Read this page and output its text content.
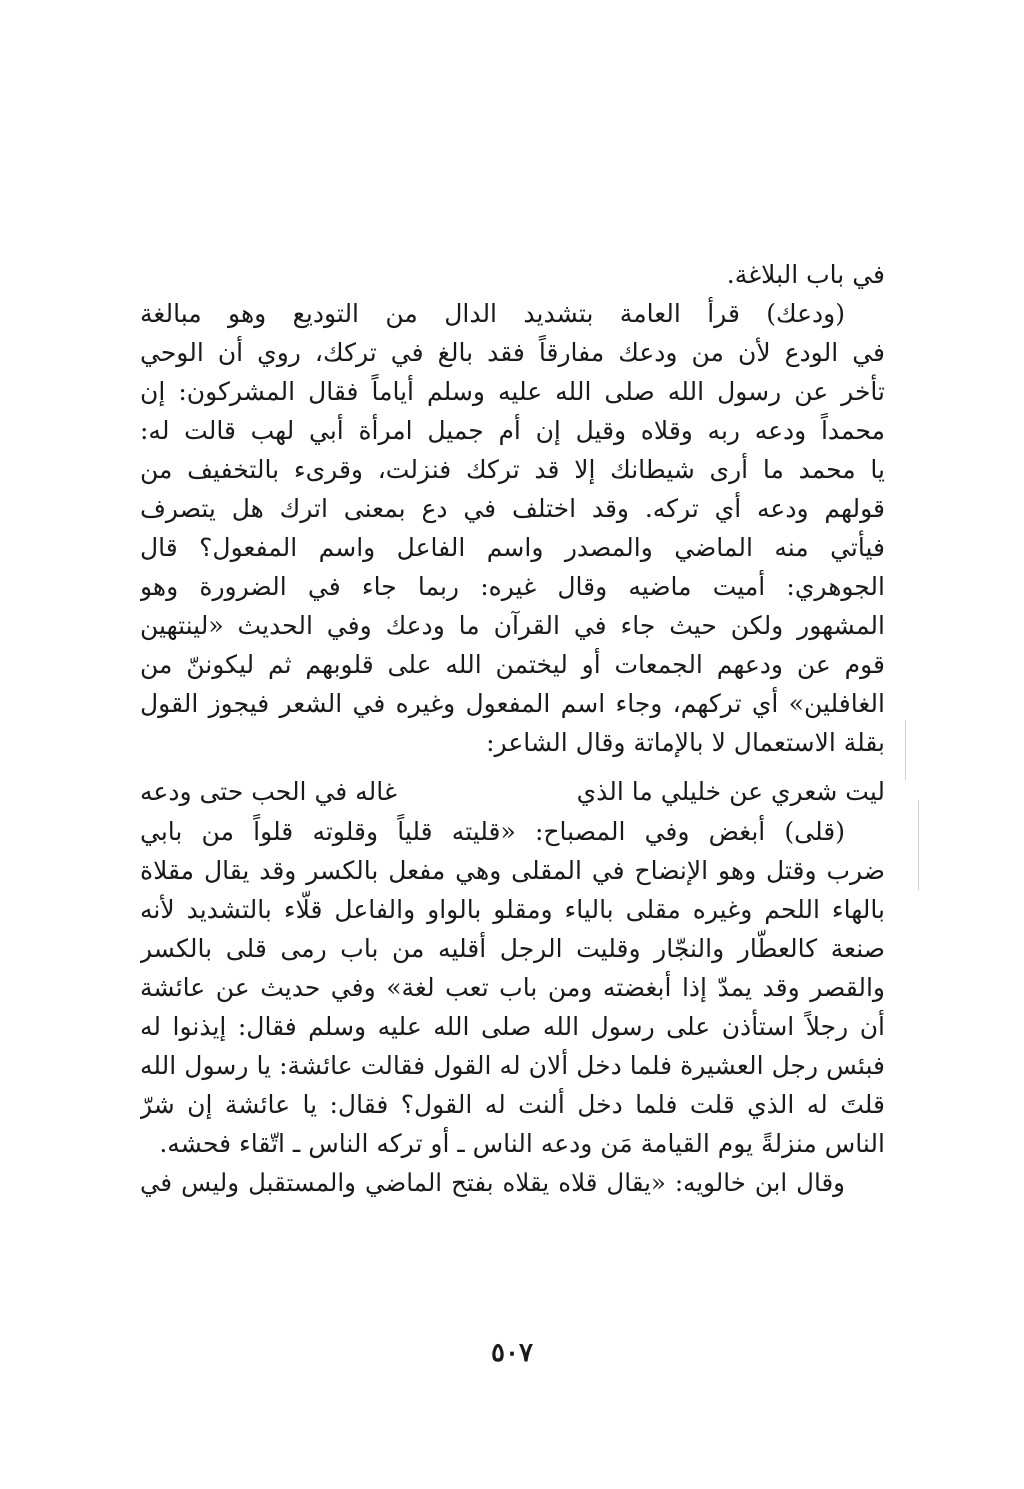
في باب البلاغة.
(ودعك) قرأ العامة بتشديد الدال من التوديع وهو مبالغة
في الودع لأن من ودعك مفارقاً فقد بالغ في تركك، روي أن الوحي
تأخر عن رسول الله صلى الله عليه وسلم أياماً فقال المشركون: إن
محمداً ودعه ربه وقلاه وقيل إن أم جميل امرأة أبي لهب قالت له:
يا محمد ما أرى شيطانك إلا قد تركك فنزلت، وقرىء بالتخفيف من
قولهم ودعه أي تركه. وقد اختلف في دع بمعنى اترك هل يتصرف
فيأتي منه الماضي والمصدر واسم الفاعل واسم المفعول؟ قال
الجوهري: أميت ماضيه وقال غيره: ربما جاء في الضرورة وهو
المشهور ولكن حيث جاء في القرآن ما ودعك وفي الحديث «لينتهين
قوم عن ودعهم الجمعات أو ليختمن الله على قلوبهم ثم ليكوننّ من
الغافلين» أي تركهم، وجاء اسم المفعول وغيره في الشعر فيجوز القول
بقلة الاستعمال لا بالإماتة وقال الشاعر:
ليت شعري عن خليلي ما الذي
غاله في الحب حتى ودعه
(قلى) أبغض وفي المصباح: «قليته قلياً وقلوته قلواً من بابي
ضرب وقتل وهو الإنضاح في المقلى وهي مفعل بالكسر وقد يقال مقلاة
بالهاء اللحم وغيره مقلى بالياء ومقلو بالواو والفاعل قلّاء بالتشديد لأنه
صنعة كالعطّار والنجّار وقليت الرجل أقليه من باب رمى قلى بالكسر
والقصر وقد يمدّ إذا أبغضته ومن باب تعب لغة» وفي حديث عن عائشة
أن رجلاً استأذن على رسول الله صلى الله عليه وسلم فقال: إيذنوا له
فبئس رجل العشيرة فلما دخل ألان له القول فقالت عائشة: يا رسول الله
قلتَ له الذي قلت فلما دخل ألنت له القول؟ فقال: يا عائشة إن شرّ
الناس منزلةً يوم القيامة مَن ودعه الناس ـ أو تركه الناس ـ اتّقاء فحشه.
وقال ابن خالويه: «يقال قلاه يقلاه بفتح الماضي والمستقبل وليس في
٥٠٧
